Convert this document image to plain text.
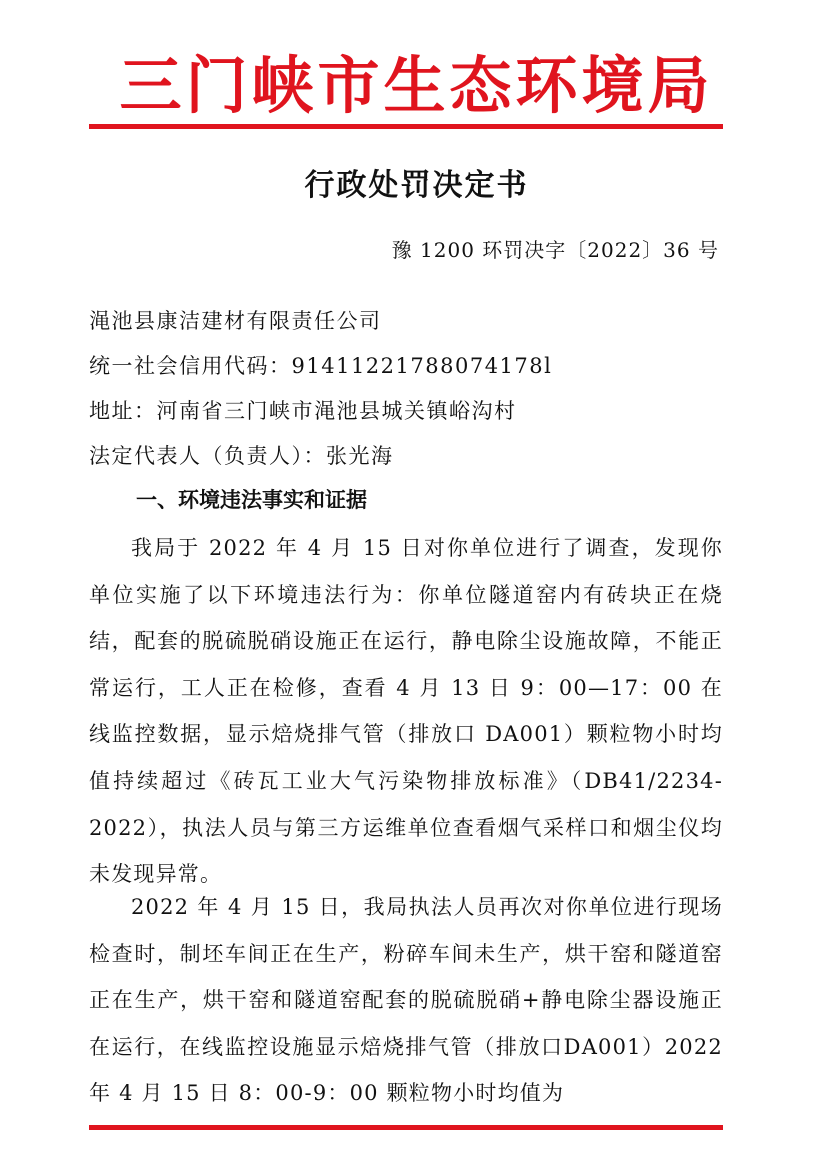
三门峡市生态环境局
行政处罚决定书
豫 1200 环罚决字〔2022〕36 号
渑池县康洁建材有限责任公司
统一社会信用代码：91411221788074178l
地址：河南省三门峡市渑池县城关镇峪沟村
法定代表人（负责人）：张光海
一、环境违法事实和证据

我局于 2022 年 4 月 15 日对你单位进行了调查，发现你单位实施了以下环境违法行为：你单位隧道窑内有砖块正在烧结，配套的脱硫脱硝设施正在运行，静电除尘设施故障，不能正常运行，工人正在检修，查看 4 月 13 日 9：00—17：00 在线监控数据，显示焙烧排气管（排放口 DA001）颗粒物小时均值持续超过《砖瓦工业大气污染物排放标准》（DB41/2234-2022），执法人员与第三方运维单位查看烟气采样口和烟尘仪均未发现异常。

2022 年 4 月 15 日，我局执法人员再次对你单位进行现场检查时，制坯车间正在生产，粉碎车间未生产，烘干窑和隧道窑正在生产，烘干窑和隧道窑配套的脱硫脱硝+静电除尘器设施正在运行，在线监控设施显示焙烧排气管（排放口DA001）2022 年 4 月 15 日 8：00-9：00 颗粒物小时均值为
